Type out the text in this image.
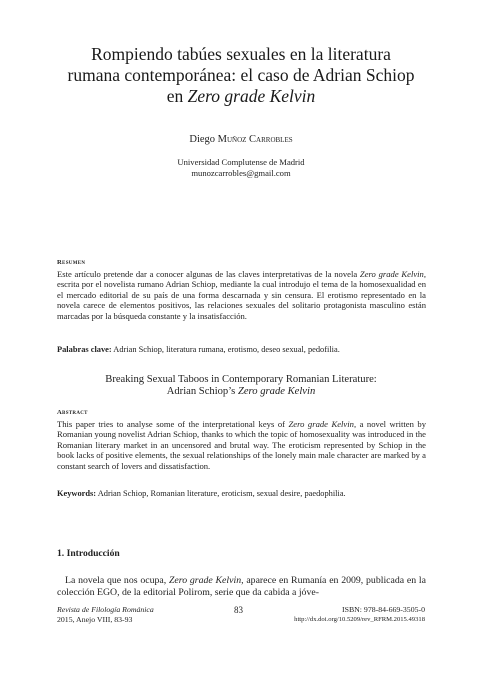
Rompiendo tabúes sexuales en la literatura
rumana contemporánea: el caso de Adrian Schiop
en Zero grade Kelvin
Diego Muñoz Carrobles
Universidad Complutense de Madrid
munozcarrobles@gmail.com
Resumen
Este artículo pretende dar a conocer algunas de las claves interpretativas de la novela Zero grade Kelvin, escrita por el novelista rumano Adrian Schiop, mediante la cual introdujo el tema de la homosexualidad en el mercado editorial de su país de una forma descarnada y sin censura. El erotismo representado en la novela carece de elementos positivos, las relaciones sexuales del solitario protagonista masculino están marcadas por la búsqueda constante y la insatisfacción.
Palabras clave: Adrian Schiop, literatura rumana, erotismo, deseo sexual, pedofilia.
Breaking Sexual Taboos in Contemporary Romanian Literature:
Adrian Schiop’s Zero grade Kelvin
Abstract
This paper tries to analyse some of the interpretational keys of Zero grade Kelvin, a novel written by Romanian young novelist Adrian Schiop, thanks to which the topic of homosexuality was introduced in the Romanian literary market in an uncensored and brutal way. The eroticism represented by Schiop in the book lacks of positive elements, the sexual relationships of the lonely main male character are marked by a constant search of lovers and dissatisfaction.
Keywords: Adrian Schiop, Romanian literature, eroticism, sexual desire, paedophilia.
1. Introducción
La novela que nos ocupa, Zero grade Kelvin, aparece en Rumanía en 2009, publicada en la colección EGO, de la editorial Polirom, serie que da cabida a jóve-
Revista de Filología Románica
2015, Anejo VIII, 83-93
83	ISBN: 978-84-669-3505-0
http://dx.doi.org/10.5209/rev_RFRM.2015.49318
